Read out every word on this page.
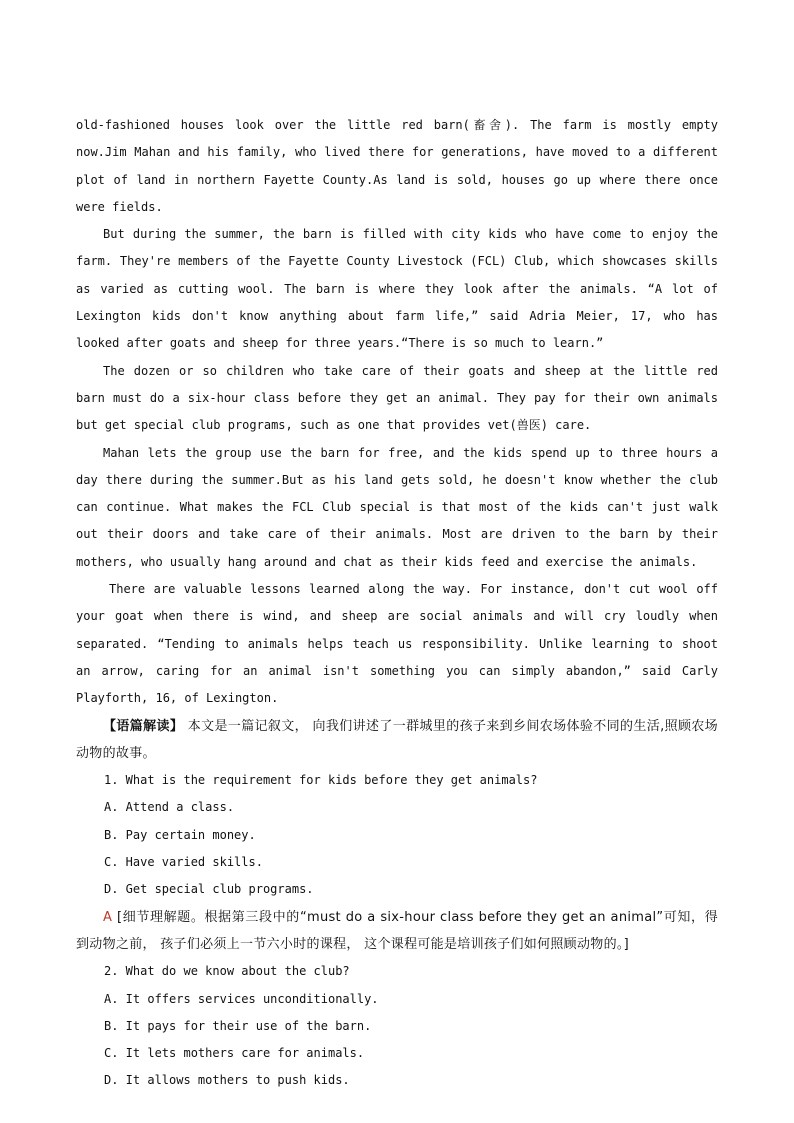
old-fashioned houses look over the little red barn(畜舍). The farm is mostly empty now.Jim Mahan and his family, who lived there for generations, have moved to a different plot of land in northern Fayette County.As land is sold, houses go up where there once were fields.

But during the summer, the barn is filled with city kids who have come to enjoy the farm. They're members of the Fayette County Livestock (FCL) Club, which showcases skills as varied as cutting wool. The barn is where they look after the animals. “A lot of Lexington kids don't know anything about farm life,” said Adria Meier, 17, who has looked after goats and sheep for three years.“There is so much to learn.”

The dozen or so children who take care of their goats and sheep at the little red barn must do a six-hour class before they get an animal. They pay for their own animals but get special club programs, such as one that provides vet(兽医) care.

Mahan lets the group use the barn for free, and the kids spend up to three hours a day there during the summer.But as his land gets sold, he doesn't know whether the club can continue. What makes the FCL Club special is that most of the kids can't just walk out their doors and take care of their animals. Most are driven to the barn by their mothers, who usually hang around and chat as their kids feed and exercise the animals.

There are valuable lessons learned along the way. For instance, don't cut wool off your goat when there is wind, and sheep are social animals and will cry loudly when separated. “Tending to animals helps teach us responsibility. Unlike learning to shoot an arrow, caring for an animal isn't something you can simply abandon,” said Carly Playforth, 16, of Lexington.

【语篇解读】 本文是一篇记叙文， 向我们讲述了一群城里的孩子来到乡间农场体验不同的生活,照顾农场动物的故事。

1. What is the requirement for kids before they get animals?

A. Attend a class.

B. Pay certain money.

C. Have varied skills.

D. Get special club programs.

A [细节理解题。根据第三段中的“must do a six-hour class before they get an animal”可知，得到动物之前， 孩子们必须上一节六小时的课程， 这个课程可能是培训孩子们如何照顾动物的。]

2. What do we know about the club?

A. It offers services unconditionally.

B. It pays for their use of the barn.

C. It lets mothers care for animals.

D. It allows mothers to push kids.
